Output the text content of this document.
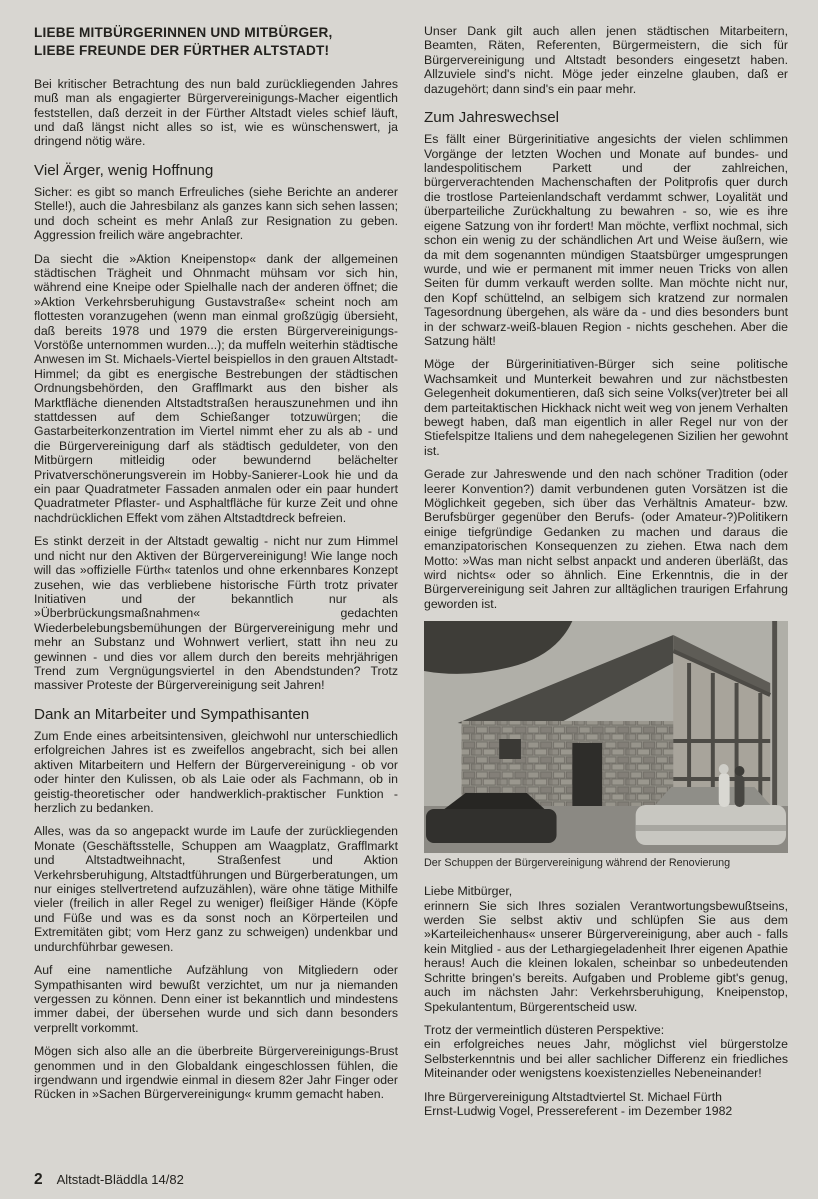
LIEBE MITBÜRGERINNEN UND MITBÜRGER,
LIEBE FREUNDE DER FÜRTHER ALTSTADT!

Bei kritischer Betrachtung des nun bald zurückliegenden Jahres muß man als engagierter Bürgervereinigungs-Macher eigentlich feststellen, daß derzeit in der Fürther Altstadt vieles schief läuft, und daß längst nicht alles so ist, wie es wünschenswert, ja dringend nötig wäre.

Viel Ärger, wenig Hoffnung

Sicher: es gibt so manch Erfreuliches (siehe Berichte an anderer Stelle!), auch die Jahresbilanz als ganzes kann sich sehen lassen; und doch scheint es mehr Anlaß zur Resignation zu geben. Aggression freilich wäre angebrachter.

Da siecht die »Aktion Kneipenstop« dank der allgemeinen städtischen Trägheit und Ohnmacht mühsam vor sich hin, während eine Kneipe oder Spielhalle nach der anderen öffnet; die »Aktion Verkehrsberuhigung Gustavstraße« scheint noch am flottesten voranzugehen (wenn man einmal großzügig übersieht, daß bereits 1978 und 1979 die ersten Bürgervereinigungs-Vorstöße unternommen wurden...); da muffeln weiterhin städtische Anwesen im St. Michaels-Viertel beispiellos in den grauen Altstadt-Himmel; da gibt es energische Bestrebungen der städtischen Ordnungsbehörden, den Grafflmarkt aus den bisher als Marktfläche dienenden Altstadtstraßen herauszunehmen und ihn stattdessen auf dem Schießanger totzuwürgen; die Gastarbeiterkonzentration im Viertel nimmt eher zu als ab - und die Bürgervereinigung darf als städtisch geduldeter, von den Mitbürgern mitleidig oder bewundernd belächelter Privatverschönerungsverein im Hobby-Sanierer-Look hie und da ein paar Quadratmeter Fassaden anmalen oder ein paar hundert Quadratmeter Pflaster- und Asphaltfläche für kurze Zeit und ohne nachdrücklichen Effekt vom zähen Altstadtdreck befreien.

Es stinkt derzeit in der Altstadt gewaltig - nicht nur zum Himmel und nicht nur den Aktiven der Bürgervereinigung! Wie lange noch will das »offizielle Fürth« tatenlos und ohne erkennbares Konzept zusehen, wie das verbliebene historische Fürth trotz privater Initiativen und der bekanntlich nur als »Überbrückungsmaßnahmen« gedachten Wiederbelebungsbemühungen der Bürgervereinigung mehr und mehr an Substanz und Wohnwert verliert, statt ihn neu zu gewinnen - und dies vor allem durch den bereits mehrjährigen Trend zum Vergnügungsviertel in den Abendstunden? Trotz massiver Proteste der Bürgervereinigung seit Jahren!

Dank an Mitarbeiter und Sympathisanten

Zum Ende eines arbeitsintensiven, gleichwohl nur unterschiedlich erfolgreichen Jahres ist es zweifellos angebracht, sich bei allen aktiven Mitarbeitern und Helfern der Bürgervereinigung - ob vor oder hinter den Kulissen, ob als Laie oder als Fachmann, ob in geistig-theoretischer oder handwerklich-praktischer Funktion - herzlich zu bedanken.

Alles, was da so angepackt wurde im Laufe der zurückliegenden Monate (Geschäftsstelle, Schuppen am Waagplatz, Grafflmarkt und Altstadtweihnacht, Straßenfest und Aktion Verkehrsberuhigung, Altstadtführungen und Bürgerberatungen, um nur einiges stellvertretend aufzuzählen), wäre ohne tätige Mithilfe vieler (freilich in aller Regel zu weniger) fleißiger Hände (Köpfe und Füße und was es da sonst noch an Körperteilen und Extremitäten gibt; vom Herz ganz zu schweigen) undenkbar und undurchführbar gewesen.

Auf eine namentliche Aufzählung von Mitgliedern oder Sympathisanten wird bewußt verzichtet, um nur ja niemanden vergessen zu können. Denn einer ist bekanntlich und mindestens immer dabei, der übersehen wurde und sich dann besonders verprellt vorkommt.

Mögen sich also alle an die überbreite Bürgervereinigungs-Brust genommen und in den Globaldank eingeschlossen fühlen, die irgendwann und irgendwie einmal in diesem 82er Jahr Finger oder Rücken in »Sachen Bürgervereinigung« krumm gemacht haben.

Unser Dank gilt auch allen jenen städtischen Mitarbeitern, Beamten, Räten, Referenten, Bürgermeistern, die sich für Bürgervereinigung und Altstadt besonders eingesetzt haben. Allzuviele sind's nicht. Möge jeder einzelne glauben, daß er dazugehört; dann sind's ein paar mehr.

Zum Jahreswechsel

Es fällt einer Bürgerinitiative angesichts der vielen schlimmen Vorgänge der letzten Wochen und Monate auf bundes- und landespolitischem Parkett und der zahlreichen, bürgerverachtenden Machenschaften der Politprofis quer durch die trostlose Parteienlandschaft verdammt schwer, Loyalität und überparteiliche Zurückhaltung zu bewahren - so, wie es ihre eigene Satzung von ihr fordert! Man möchte, verflixt nochmal, sich schon ein wenig zu der schändlichen Art und Weise äußern, wie da mit dem sogenannten mündigen Staatsbürger umgesprungen wurde, und wie er permanent mit immer neuen Tricks von allen Seiten für dumm verkauft werden sollte. Man möchte nicht nur, den Kopf schüttelnd, an selbigem sich kratzend zur normalen Tagesordnung übergehen, als wäre da - und dies besonders bunt in der schwarz-weiß-blauen Region - nichts geschehen. Aber die Satzung hält!

Möge der Bürgerinitiativen-Bürger sich seine politische Wachsamkeit und Munterkeit bewahren und zur nächstbesten Gelegenheit dokumentieren, daß sich seine Volks(ver)treter bei all dem parteitaktischen Hickhack nicht weit weg von jenem Verhalten bewegt haben, daß man eigentlich in aller Regel nur von der Stiefelspitze Italiens und dem nahegelegenen Sizilien her gewohnt ist.

Gerade zur Jahreswende und den nach schöner Tradition (oder leerer Konvention?) damit verbundenen guten Vorsätzen ist die Möglichkeit gegeben, sich über das Verhältnis Amateur- bzw. Berufsbürger gegenüber den Berufs- (oder Amateur-?)Politikern einige tiefgründige Gedanken zu machen und daraus die emanzipatorischen Konsequenzen zu ziehen. Etwa nach dem Motto: »Was man nicht selbst anpackt und anderen überläßt, das wird nichts« oder so ähnlich. Eine Erkenntnis, die in der Bürgervereinigung seit Jahren zur alltäglichen traurigen Erfahrung geworden ist.

Der Schuppen der Bürgervereinigung während der Renovierung

Liebe Mitbürger,

erinnern Sie sich Ihres sozialen Verantwortungsbewußtseins, werden Sie selbst aktiv und schlüpfen Sie aus dem »Karteileichenhaus« unserer Bürgervereinigung, aber auch - falls kein Mitglied - aus der Lethargiegeladenheit Ihrer eigenen Apathie heraus! Auch die kleinen lokalen, scheinbar so unbedeutenden Schritte bringen's bereits. Aufgaben und Probleme gibt's genug, auch im nächsten Jahr: Verkehrsberuhigung, Kneipenstop, Spekulantentum, Bürgerentscheid usw.

Trotz der vermeintlich düsteren Perspektive:

ein erfolgreiches neues Jahr, möglichst viel bürgerstolze Selbsterkenntnis und bei aller sachlicher Differenz ein friedliches Miteinander oder wenigstens koexistenzielles Nebeneinander!

Ihre Bürgervereinigung Altstadtviertel St. Michael Fürth

Ernst-Ludwig Vogel, Pressereferent - im Dezember 1982

2 Altstadt-Bläddla 14/82
